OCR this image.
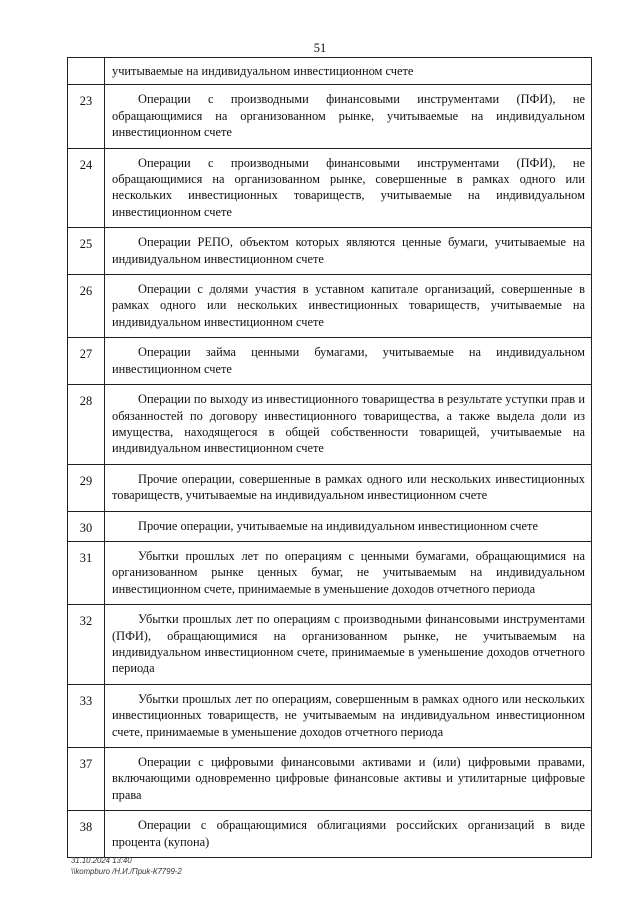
51
	учитываемые на индивидуальном инвестиционном счете
23	Операции с производными финансовыми инструментами (ПФИ), не обращающимися на организованном рынке, учитываемые на индивидуальном инвестиционном счете
24	Операции с производными финансовыми инструментами (ПФИ), не обращающимися на организованном рынке, совершенные в рамках одного или нескольких инвестиционных товариществ, учитываемые на индивидуальном инвестиционном счете
25	Операции РЕПО, объектом которых являются ценные бумаги, учитываемые на индивидуальном инвестиционном счете
26	Операции с долями участия в уставном капитале организаций, совершенные в рамках одного или нескольких инвестиционных товариществ, учитываемые на индивидуальном инвестиционном счете
27	Операции займа ценными бумагами, учитываемые на индивидуальном инвестиционном счете
28	Операции по выходу из инвестиционного товарищества в результате уступки прав и обязанностей по договору инвестиционного товарищества, а также выдела доли из имущества, находящегося в общей собственности товарищей, учитываемые на индивидуальном инвестиционном счете
29	Прочие операции, совершенные в рамках одного или нескольких инвестиционных товариществ, учитываемые на индивидуальном инвестиционном счете
30	Прочие операции, учитываемые на индивидуальном инвестиционном счете
31	Убытки прошлых лет по операциям с ценными бумагами, обращающимися на организованном рынке ценных бумаг, не учитываемым на индивидуальном инвестиционном счете, принимаемые в уменьшение доходов отчетного периода
32	Убытки прошлых лет по операциям с производными финансовыми инструментами (ПФИ), обращающимися на организованном рынке, не учитываемым на индивидуальном инвестиционном счете, принимаемые в уменьшение доходов отчетного периода
33	Убытки прошлых лет по операциям, совершенным в рамках одного или нескольких инвестиционных товариществ, не учитываемым на индивидуальном инвестиционном счете, принимаемые в уменьшение доходов отчетного периода
37	Операции с цифровыми финансовыми активами и (или) цифровыми правами, включающими одновременно цифровые финансовые активы и утилитарные цифровые права
38	Операции с обращающимися облигациями российских организаций в виде процента (купона)
31.10.2024 13:40
\\kompburo /Н.И./Приk-К7799-2
